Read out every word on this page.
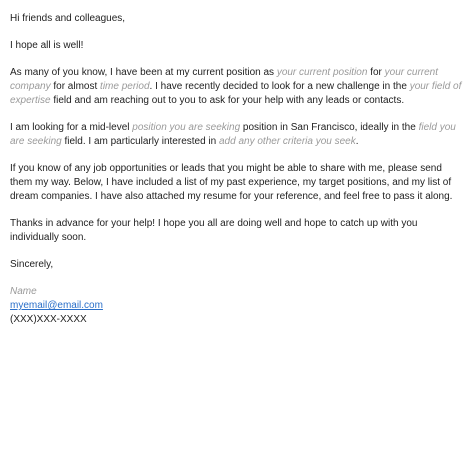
Hi friends and colleagues,

I hope all is well!

As many of you know, I have been at my current position as your current position for your current company for almost time period. I have recently decided to look for a new challenge in the your field of expertise field and am reaching out to you to ask for your help with any leads or contacts.

I am looking for a mid-level position you are seeking position in San Francisco, ideally in the field you are seeking field. I am particularly interested in add any other criteria you seek.

If you know of any job opportunities or leads that you might be able to share with me, please send them my way. Below, I have included a list of my past experience, my target positions, and my list of dream companies. I have also attached my resume for your reference, and feel free to pass it along.

Thanks in advance for your help! I hope you all are doing well and hope to catch up with you individually soon.

Sincerely,

Name

myemail@email.com

(XXX)XXX-XXXX
